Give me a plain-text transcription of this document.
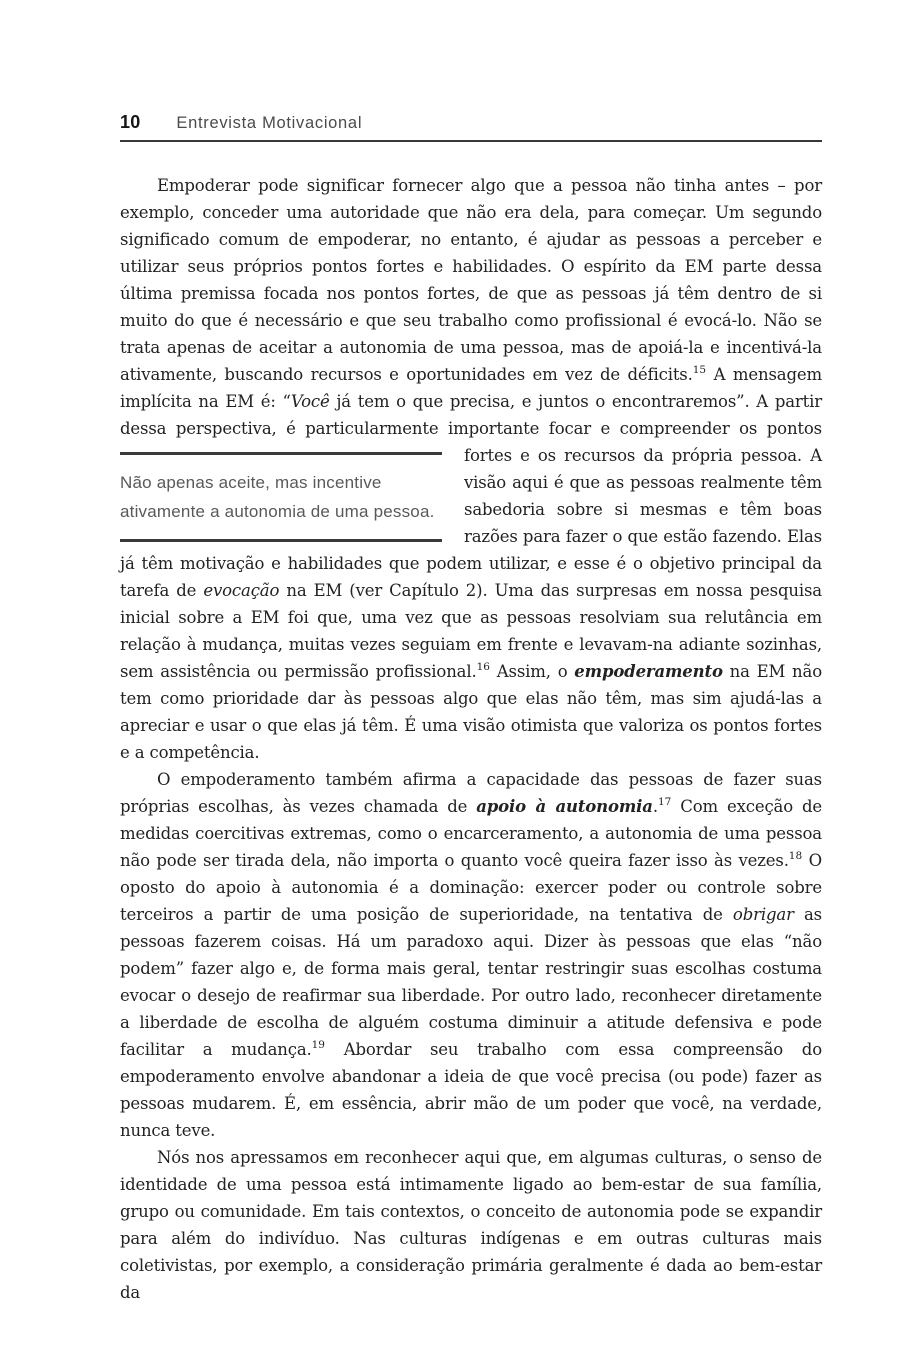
10 Entrevista Motivacional

Empoderar pode significar fornecer algo que a pessoa não tinha antes – por exemplo, conceder uma autoridade que não era dela, para começar. Um segundo significado comum de empoderar, no entanto, é ajudar as pessoas a perceber e utilizar seus próprios pontos fortes e habilidades. O espírito da EM parte dessa última premissa focada nos pontos fortes, de que as pessoas já têm dentro de si muito do que é necessário e que seu trabalho como profissional é evocá-lo. Não se trata apenas de aceitar a autonomia de uma pessoa, mas de apoiá-la e incentivá-la ativamente, buscando recursos e oportunidades em vez de déficits.$^{15}$ A mensagem implícita na EM é: “Você já tem o que precisa, e juntos o encontraremos”. A partir dessa perspectiva, é particularmente importante focar e compreender os pontos fortes e os
Não apenas aceite, mas incentive ativamente a autonomia de uma pessoa.
recursos da própria pessoa. A visão aqui é que as pessoas realmente têm sabedoria sobre si mesmas e têm boas razões para fazer o que estão fazendo. Elas já têm motivação e habilidades que podem utilizar, e esse é o objetivo principal da tarefa de evocação na EM (ver Capítulo 2). Uma das surpresas em nossa pesquisa inicial sobre a EM foi que, uma vez que as pessoas resolviam sua relutância em relação à mudança, muitas vezes seguiam em frente e levavam-na adiante sozinhas, sem assistência ou permissão profissional.$^{16}$ Assim, o empoderamento na EM não tem como prioridade dar às pessoas algo que elas não têm, mas sim ajudá-las a apreciar e usar o que elas já têm. É uma visão otimista que valoriza os pontos fortes e a competência.

O empoderamento também afirma a capacidade das pessoas de fazer suas próprias escolhas, às vezes chamada de apoio à autonomia.$^{17}$ Com exceção de medidas coercitivas extremas, como o encarceramento, a autonomia de uma pessoa não pode ser tirada dela, não importa o quanto você queira fazer isso às vezes.$^{18}$ O oposto do apoio à autonomia é a dominação: exercer poder ou controle sobre terceiros a partir de uma posição de superioridade, na tentativa de obrigar as pessoas fazerem coisas. Há um paradoxo aqui. Dizer às pessoas que elas “não podem” fazer algo e, de forma mais geral, tentar restringir suas escolhas costuma evocar o desejo de reafirmar sua liberdade. Por outro lado, reconhecer diretamente a liberdade de escolha de alguém costuma diminuir a atitude defensiva e pode facilitar a mudança.$^{19}$ Abordar seu trabalho com essa compreensão do empoderamento envolve abandonar a ideia de que você precisa (ou pode) fazer as pessoas mudarem. É, em essência, abrir mão de um poder que você, na verdade, nunca teve.

Nós nos apressamos em reconhecer aqui que, em algumas culturas, o senso de identidade de uma pessoa está intimamente ligado ao bem-estar de sua família, grupo ou comunidade. Em tais contextos, o conceito de autonomia pode se expandir para além do indivíduo. Nas culturas indígenas e em outras culturas mais coletivistas, por exemplo, a consideração primária geralmente é dada ao bem-estar da
